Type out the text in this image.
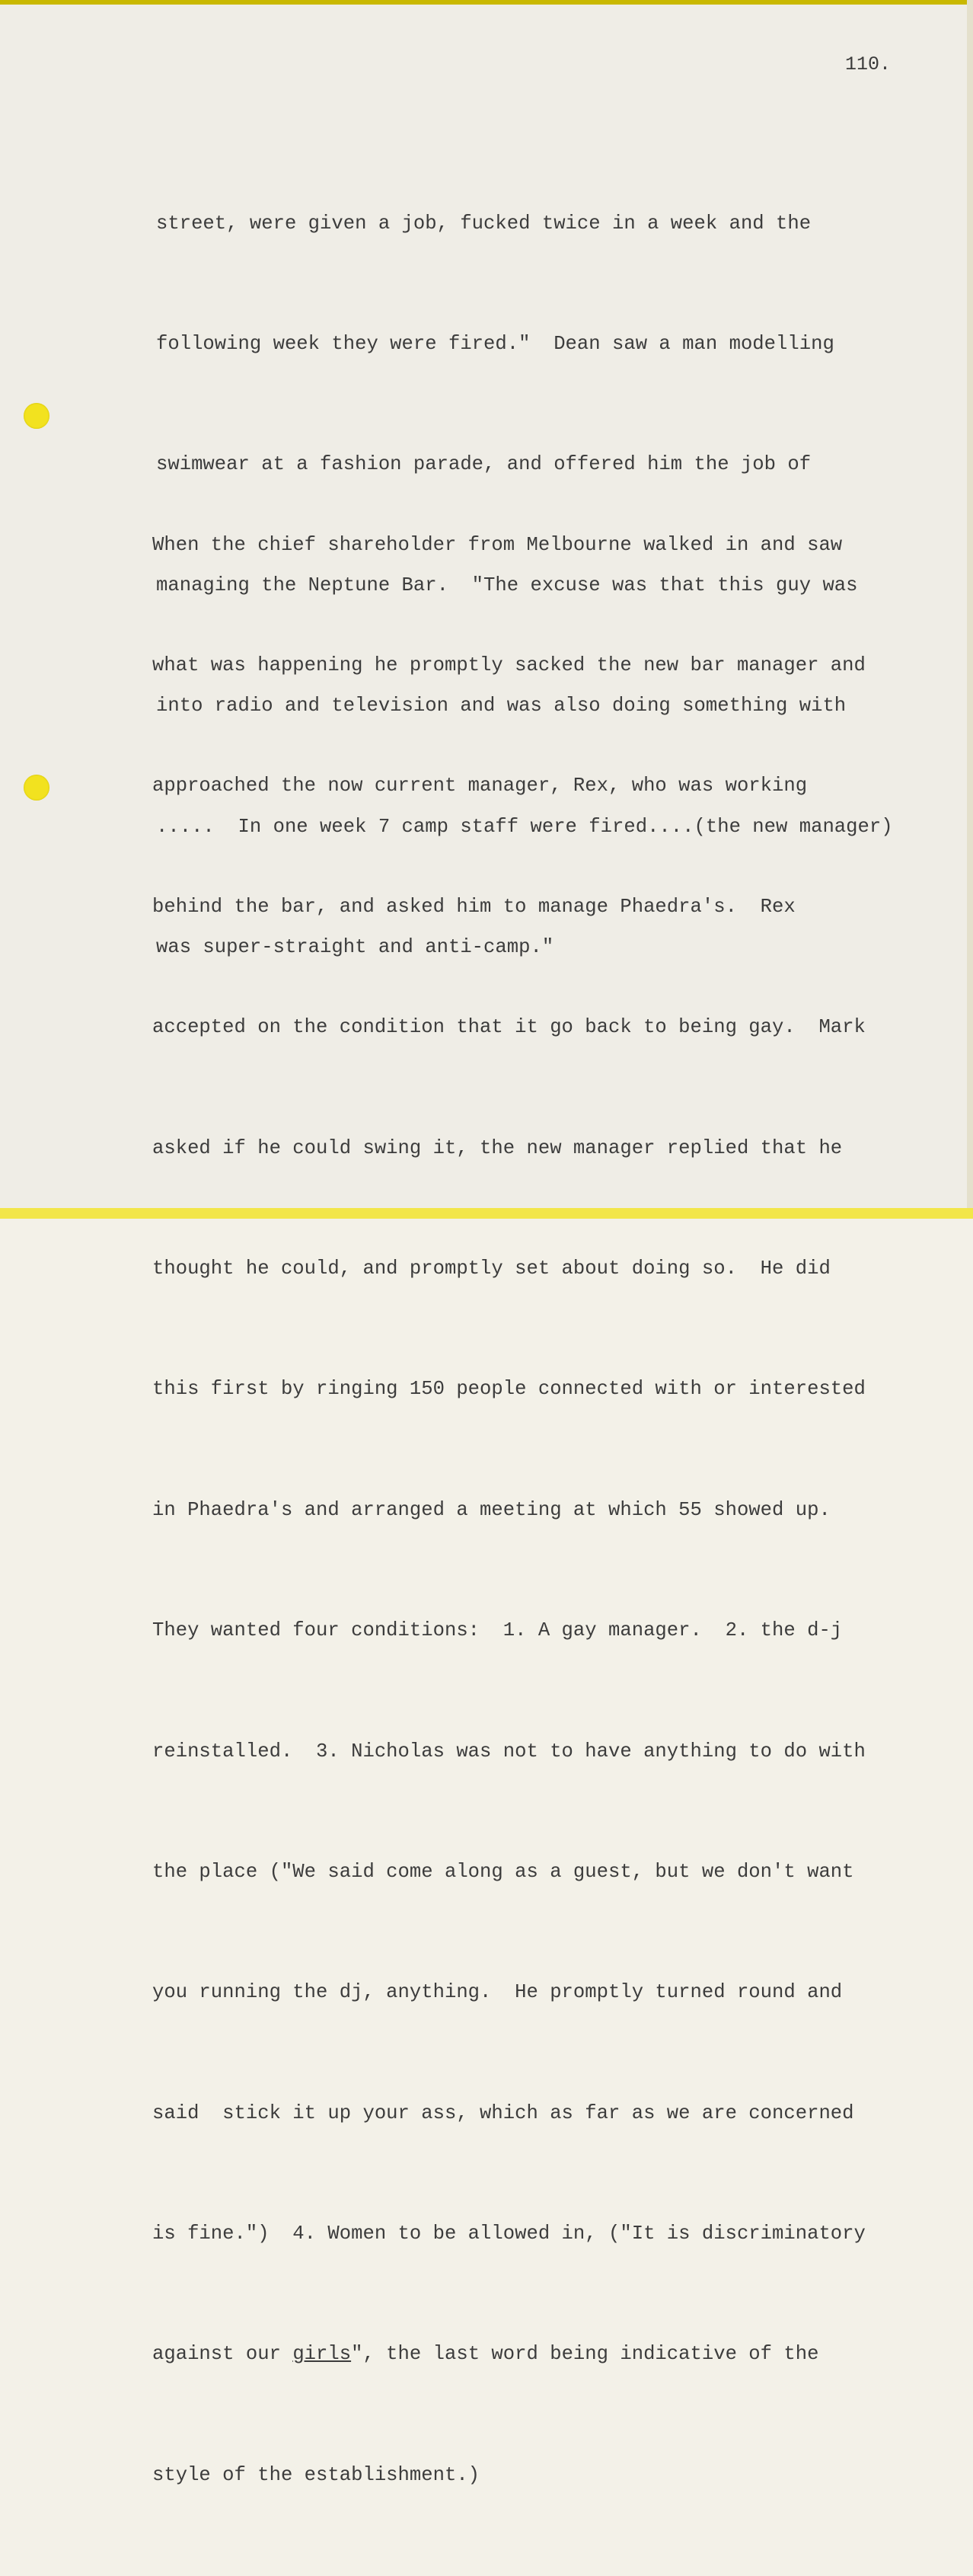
110.

street, were given a job, fucked twice in a week and the

following week they were fired."  Dean saw a man modelling

swimwear at a fashion parade, and offered him the job of

managing the Neptune Bar.  "The excuse was that this guy was

into radio and television and was also doing something with

.....  In one week 7 camp staff were fired....(the new manager)

was super-straight and anti-camp."

When the chief shareholder from Melbourne walked in and saw

what was happening he promptly sacked the new bar manager and

approached the now current manager, Rex, who was working

behind the bar, and asked him to manage Phaedra's.  Rex

accepted on the condition that it go back to being gay.  Mark

asked if he could swing it, the new manager replied that he

thought he could, and promptly set about doing so.  He did

this first by ringing 150 people connected with or interested

in Phaedra's and arranged a meeting at which 55 showed up.

They wanted four conditions:  1. A gay manager.  2. the d-j

reinstalled.  3. Nicholas was not to have anything to do with

the place ("We said come along as a guest, but we don't want

you running the dj, anything.  He promptly turned round and

said  stick it up your ass, which as far as we are concerned

is fine.")  4. Women to be allowed in, ("It is discriminatory

against our girls", the last word being indicative of the

style of the establishment.)
